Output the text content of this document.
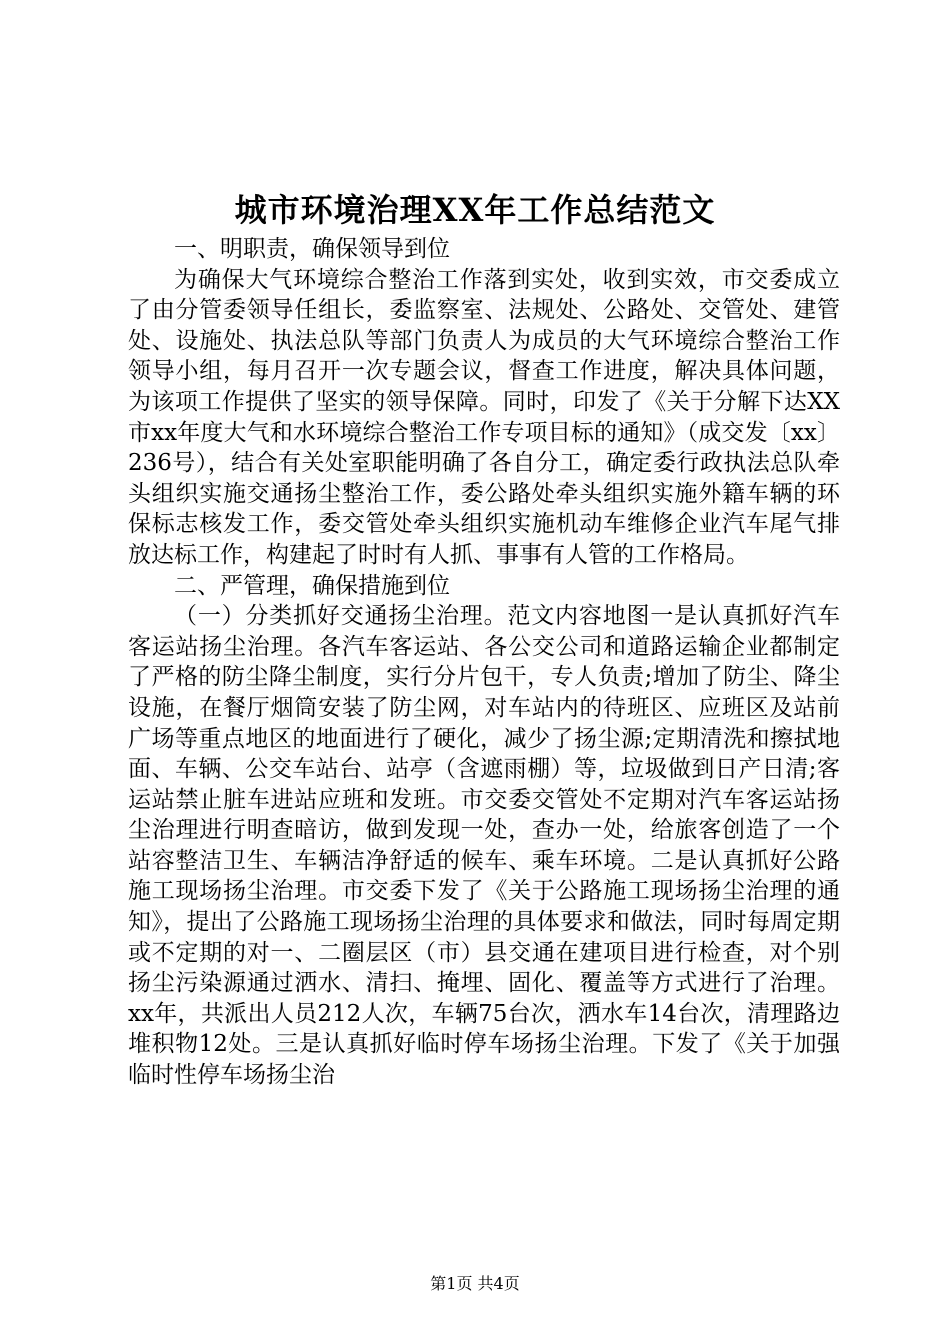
城市环境治理XX年工作总结范文

一、明职责，确保领导到位

为确保大气环境综合整治工作落到实处，收到实效，市交委成立了由分管委领导任组长，委监察室、法规处、公路处、交管处、建管处、设施处、执法总队等部门负责人为成员的大气环境综合整治工作领导小组，每月召开一次专题会议，督查工作进度，解决具体问题，为该项工作提供了坚实的领导保障。同时，印发了《关于分解下达XX市xx年度大气和水环境综合整治工作专项目标的通知》（成交发〔xx〕236号），结合有关处室职能明确了各自分工，确定委行政执法总队牵头组织实施交通扬尘整治工作，委公路处牵头组织实施外籍车辆的环保标志核发工作，委交管处牵头组织实施机动车维修企业汽车尾气排放达标工作，构建起了时时有人抓、事事有人管的工作格局。

二、严管理，确保措施到位

（一）分类抓好交通扬尘治理。范文内容地图一是认真抓好汽车客运站扬尘治理。各汽车客运站、各公交公司和道路运输企业都制定了严格的防尘降尘制度，实行分片包干，专人负责;增加了防尘、降尘设施，在餐厅烟筒安装了防尘网，对车站内的待班区、应班区及站前广场等重点地区的地面进行了硬化，减少了扬尘源;定期清洗和擦拭地面、车辆、公交车站台、站亭（含遮雨棚）等，垃圾做到日产日清;客运站禁止脏车进站应班和发班。市交委交管处不定期对汽车客运站扬尘治理进行明查暗访，做到发现一处，查办一处，给旅客创造了一个站容整洁卫生、车辆洁净舒适的候车、乘车环境。二是认真抓好公路施工现场扬尘治理。市交委下发了《关于公路施工现场扬尘治理的通知》，提出了公路施工现场扬尘治理的具体要求和做法，同时每周定期或不定期的对一、二圈层区（市）县交通在建项目进行检查，对个别扬尘污染源通过洒水、清扫、掩埋、固化、覆盖等方式进行了治理。xx年，共派出人员212人次，车辆75台次，洒水车14台次，清理路边堆积物12处。三是认真抓好临时停车场扬尘治理。下发了《关于加强临时性停车场扬尘治

第1页 共4页
